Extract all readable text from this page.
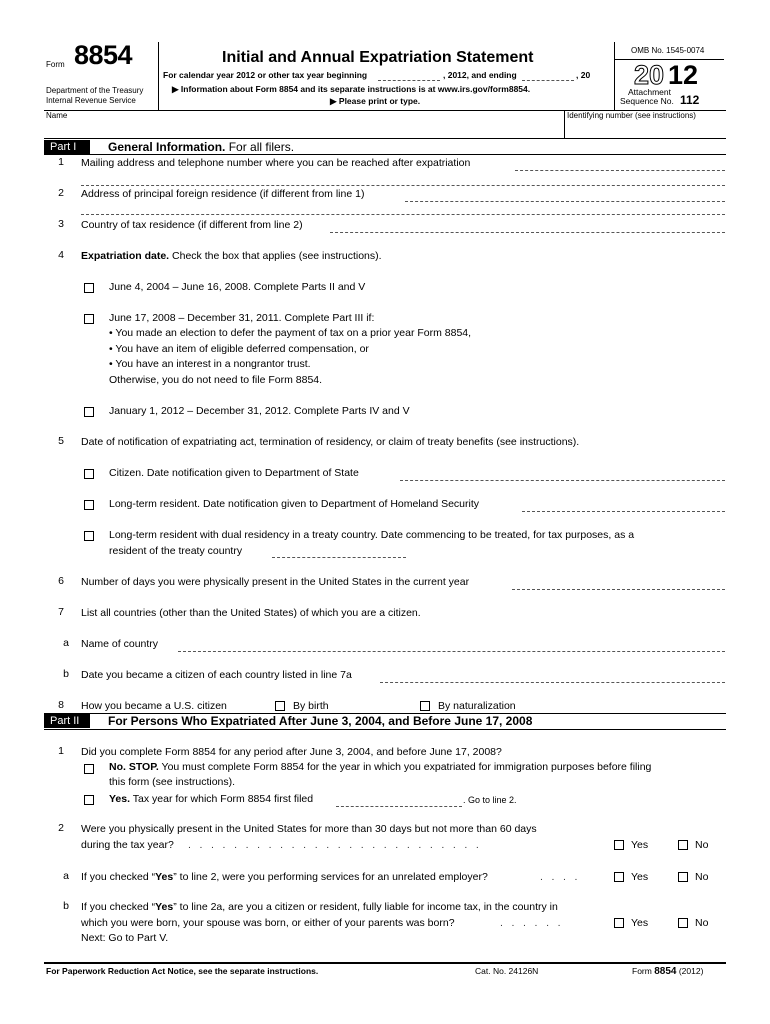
Form 8854
Department of the Treasury
Internal Revenue Service
Initial and Annual Expatriation Statement
For calendar year 2012 or other tax year beginning	, 2012, and ending	, 20
▶ Information about Form 8854 and its separate instructions is at www.irs.gov/form8854.
▶ Please print or type.
OMB No. 1545-0074
20 12
Attachment
Sequence No. 112
Name	Identifying number (see instructions)
Part I	General Information. For all filers.
1	Mailing address and telephone number where you can be reached after expatriation
2	Address of principal foreign residence (if different from line 1)
3	Country of tax residence (if different from line 2)
4	Expatriation date. Check the box that applies (see instructions).
June 4, 2004 – June 16, 2008. Complete Parts II and V
June 17, 2008 – December 31, 2011. Complete Part III if:
• You made an election to defer the payment of tax on a prior year Form 8854,
• You have an item of eligible deferred compensation, or
• You have an interest in a nongrantor trust.
Otherwise, you do not need to file Form 8854.
January 1, 2012 – December 31, 2012. Complete Parts IV and V
5	Date of notification of expatriating act, termination of residency, or claim of treaty benefits (see instructions).
Citizen. Date notification given to Department of State
Long-term resident. Date notification given to Department of Homeland Security
Long-term resident with dual residency in a treaty country. Date commencing to be treated, for tax purposes, as a
resident of the treaty country
6	Number of days you were physically present in the United States in the current year
7	List all countries (other than the United States) of which you are a citizen.
a	Name of country
b	Date you became a citizen of each country listed in line 7a
8	How you became a U.S. citizen	By birth	By naturalization
Part II	For Persons Who Expatriated After June 3, 2004, and Before June 17, 2008
1	Did you complete Form 8854 for any period after June 3, 2004, and before June 17, 2008?
No. STOP. You must complete Form 8854 for the year in which you expatriated for immigration purposes before filing
this form (see instructions).
Yes. Tax year for which Form 8854 first filed	. Go to line 2.
2	Were you physically present in the United States for more than 30 days but not more than 60 days
during the tax year? ..........................	Yes	No
a	If you checked “Yes” to line 2, were you performing services for an unrelated employer?	....	Yes	No
b	If you checked “Yes” to line 2a, are you a citizen or resident, fully liable for income tax, in the country in
which you were born, your spouse was born, or either of your parents was born?	......
Next: Go to Part V.
Yes	No
For Paperwork Reduction Act Notice, see the separate instructions.	Cat. No. 24126N	Form 8854 (2012)
